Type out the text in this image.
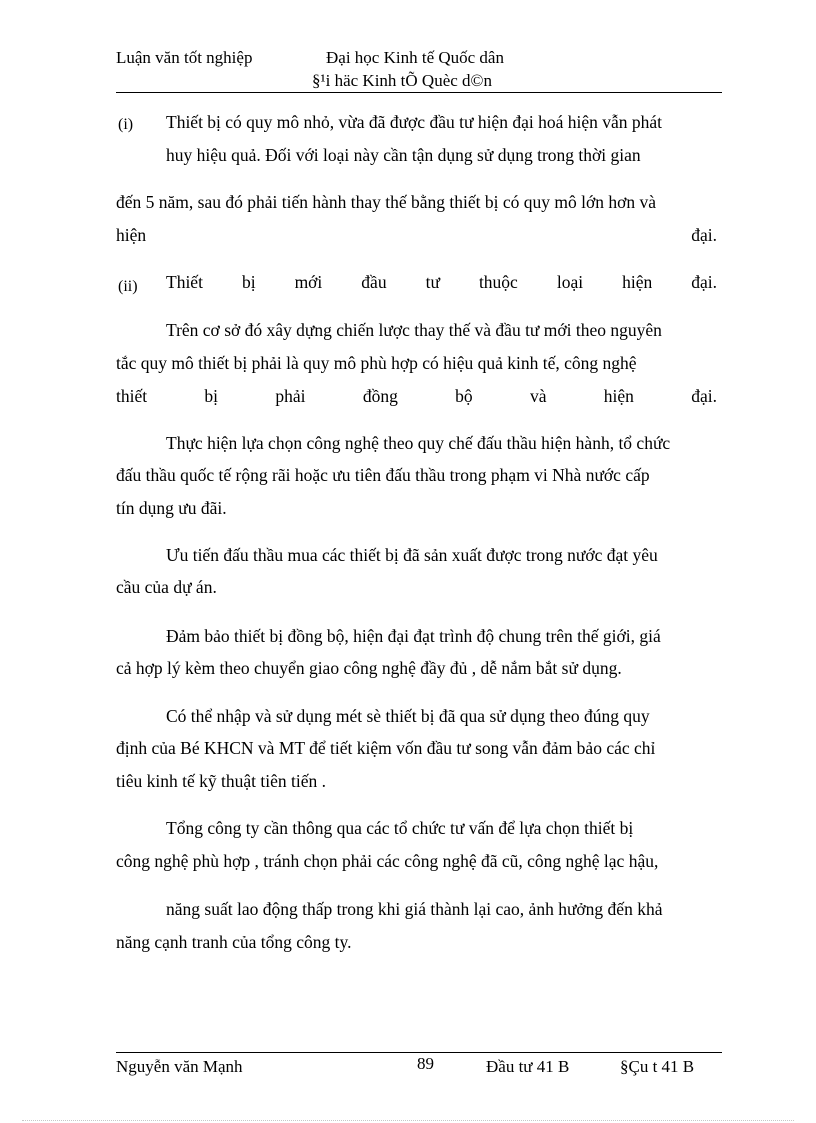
Luận văn tốt nghiệp	Đại học Kinh tế Quốc dân
§¹i häc Kinh tÕ Quèc d©n
(i) Thiết bị có quy mô nhỏ, vừa đã được đầu tư hiện đại hoá hiện vẫn phát
huy hiệu quả. Đối với loại này cần tận dụng sử dụng trong thời gian
đến 5 năm, sau đó phải tiến hành thay thế bằng thiết bị có quy mô lớn hơn và
hiện	đại.
(ii) Thiết bị mới đầu tư thuộc loại hiện đại.
Trên cơ sở đó xây dựng chiến lược thay thế và đầu tư mới theo nguyên
tắc quy mô thiết bị phải là quy mô phù hợp có hiệu quả kinh tế, công nghệ
thiết	bị	phải	đồng	bộ	và	hiện	đại.
Thực hiện lựa chọn công nghệ theo quy chế đấu thầu hiện hành, tổ chức
đấu thầu quốc tế rộng rãi hoặc ưu tiên đấu thầu trong phạm vi Nhà nước cấp
tín dụng ưu đãi.
Ưu tiến đấu thầu mua các thiết bị đã sản xuất được trong nước đạt yêu
cầu của dự án.
Đảm bảo thiết bị đồng bộ, hiện đại đạt trình độ chung trên thế giới, giá
cả hợp lý kèm theo chuyển giao công nghệ đầy đủ , dễ nắm bắt sử dụng.
Có thể nhập và sử dụng mét sè thiết bị đã qua sử dụng theo đúng quy
định của Bé KHCN và MT để tiết kiệm vốn đầu tư song vẫn đảm bảo các chỉ
tiêu kinh tế kỹ thuật tiên tiến .
Tổng công ty cần thông qua các tổ chức tư vấn để lựa chọn thiết bị
công nghệ phù hợp , tránh chọn phải các công nghệ đã cũ, công nghệ lạc hậu,
năng suất lao động thấp trong khi giá thành lại cao, ảnh hưởng đến khả
năng cạnh tranh của tổng công ty.
Nguyễn văn Mạnh	89	Đầu tư 41 B	§Çu t 41 B
